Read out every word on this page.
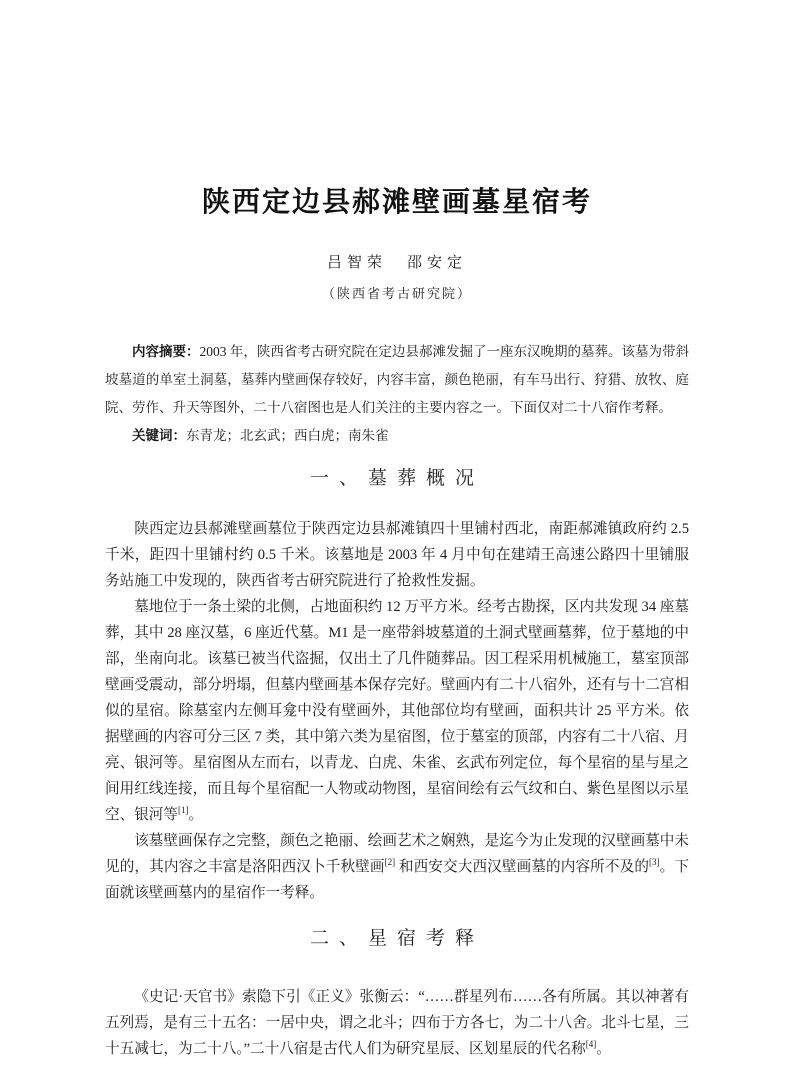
陕西定边县郝滩壁画墓星宿考
吕智荣　邵安定
（陕西省考古研究院）

内容摘要：2003 年，陕西省考古研究院在定边县郝滩发掘了一座东汉晚期的墓葬。该墓为带斜坡墓道的单室土洞墓，墓葬内壁画保存较好，内容丰富，颜色艳丽，有车马出行、狩猎、放牧、庭院、劳作、升天等图外，二十八宿图也是人们关注的主要内容之一。下面仅对二十八宿作考释。

关键词：东青龙；北玄武；西白虎；南朱雀

一、墓葬概况

陕西定边县郝滩壁画墓位于陕西定边县郝滩镇四十里铺村西北，南距郝滩镇政府约 2.5 千米，距四十里铺村约 0.5 千米。该墓地是 2003 年 4 月中旬在建靖王高速公路四十里铺服务站施工中发现的，陕西省考古研究院进行了抢救性发掘。

墓地位于一条土梁的北侧，占地面积约 12 万平方米。经考古勘探，区内共发现 34 座墓葬，其中 28 座汉墓，6 座近代墓。M1 是一座带斜坡墓道的土洞式壁画墓葬，位于墓地的中部，坐南向北。该墓已被当代盗掘，仅出土了几件随葬品。因工程采用机械施工，墓室顶部壁画受震动，部分坍塌，但墓内壁画基本保存完好。壁画内有二十八宿外，还有与十二宫相似的星宿。除墓室内左侧耳龛中没有壁画外，其他部位均有壁画，面积共计 25 平方米。依据壁画的内容可分三区 7 类，其中第六类为星宿图，位于墓室的顶部，内容有二十八宿、月亮、银河等。星宿图从左而右，以青龙、白虎、朱雀、玄武布列定位，每个星宿的星与星之间用红线连接，而且每个星宿配一人物或动物图，星宿间绘有云气纹和白、紫色星图以示星空、银河等[1]。

该墓壁画保存之完整，颜色之艳丽、绘画艺术之娴熟，是迄今为止发现的汉壁画墓中未见的，其内容之丰富是洛阳西汉卜千秋壁画[2] 和西安交大西汉壁画墓的内容所不及的[3]。下面就该壁画墓内的星宿作一考释。

二、星宿考释

《史记·天官书》索隐下引《正义》张衡云：“……群星列布……各有所属。其以神著有五列焉，是有三十五名：一居中央，谓之北斗；四布于方各七，为二十八舍。北斗七星，三十五减七，为二十八。”二十八宿是古代人们为研究星辰、区划星辰的代名称[4]。
